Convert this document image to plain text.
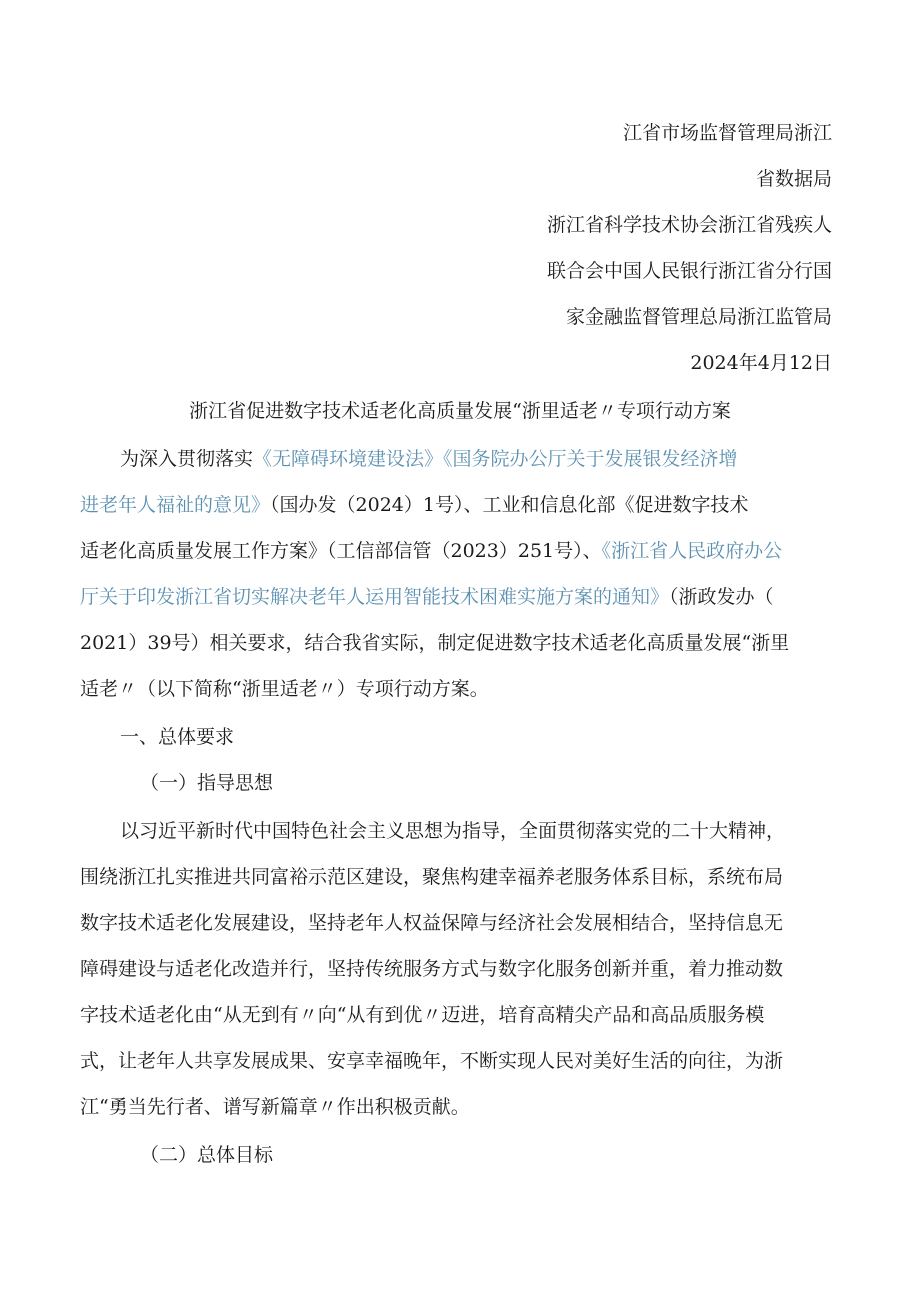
江省市场监督管理局浙江
省数据局
浙江省科学技术协会浙江省残疾人
联合会中国人民银行浙江省分行国
家金融监督管理总局浙江监管局
2024年4月12日
浙江省促进数字技术适老化高质量发展“浙里适老〃专项行动方案
为深入贯彻落实《无障碍环境建设法》《国务院办公厅关于发展银发经济增
进老年人福祉的意见》（国办发（2024）1号）、工业和信息化部《促进数字技术
适老化高质量发展工作方案》（工信部信管（2023）251号）、《浙江省人民政府办公
厅关于印发浙江省切实解决老年人运用智能技术困难实施方案的通知》（浙政发办（
2021）39号）相关要求，结合我省实际，制定促进数字技术适老化高质量发展“浙里
适老〃（以下简称“浙里适老〃）专项行动方案。
一、总体要求
（一）指导思想
以习近平新时代中国特色社会主义思想为指导，全面贯彻落实党的二十大精神，
围绕浙江扎实推进共同富裕示范区建设，聚焦构建幸福养老服务体系目标，系统布局
数字技术适老化发展建设，坚持老年人权益保障与经济社会发展相结合，坚持信息无
障碍建设与适老化改造并行，坚持传统服务方式与数字化服务创新并重，着力推动数
字技术适老化由“从无到有〃向“从有到优〃迈进，培育高精尖产品和高品质服务模
式，让老年人共享发展成果、安享幸福晚年，不断实现人民对美好生活的向往，为浙
江“勇当先行者、谱写新篇章〃作出积极贡献。
（二）总体目标
